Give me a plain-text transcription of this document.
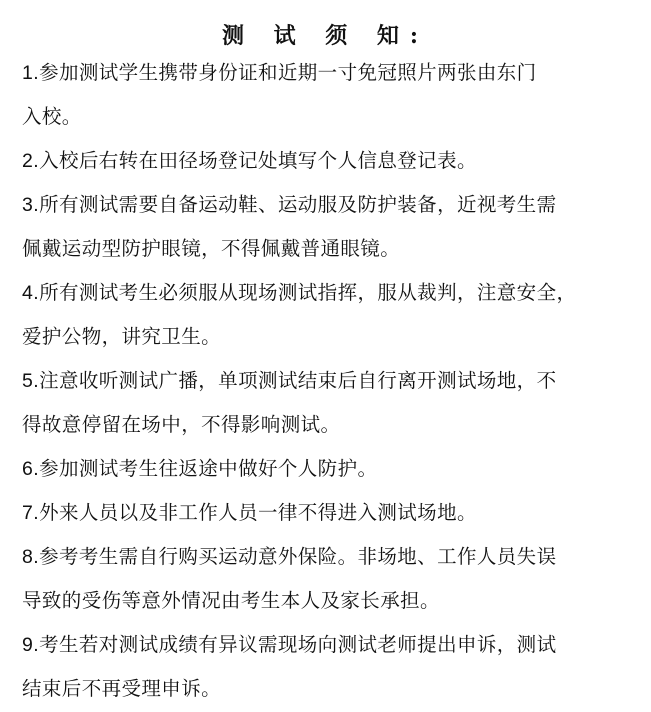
测 试 须 知:
1.参加测试学生携带身份证和近期一寸免冠照片两张由东门
入校。
2.入校后右转在田径场登记处填写个人信息登记表。
3.所有测试需要自备运动鞋、运动服及防护装备，近视考生需
佩戴运动型防护眼镜，不得佩戴普通眼镜。
4.所有测试考生必须服从现场测试指挥，服从裁判，注意安全，
爱护公物，讲究卫生。
5.注意收听测试广播，单项测试结束后自行离开测试场地，不
得故意停留在场中，不得影响测试。
6.参加测试考生往返途中做好个人防护。
7.外来人员以及非工作人员一律不得进入测试场地。
8.参考考生需自行购买运动意外保险。非场地、工作人员失误
导致的受伤等意外情况由考生本人及家长承担。
9.考生若对测试成绩有异议需现场向测试老师提出申诉，测试
结束后不再受理申诉。
